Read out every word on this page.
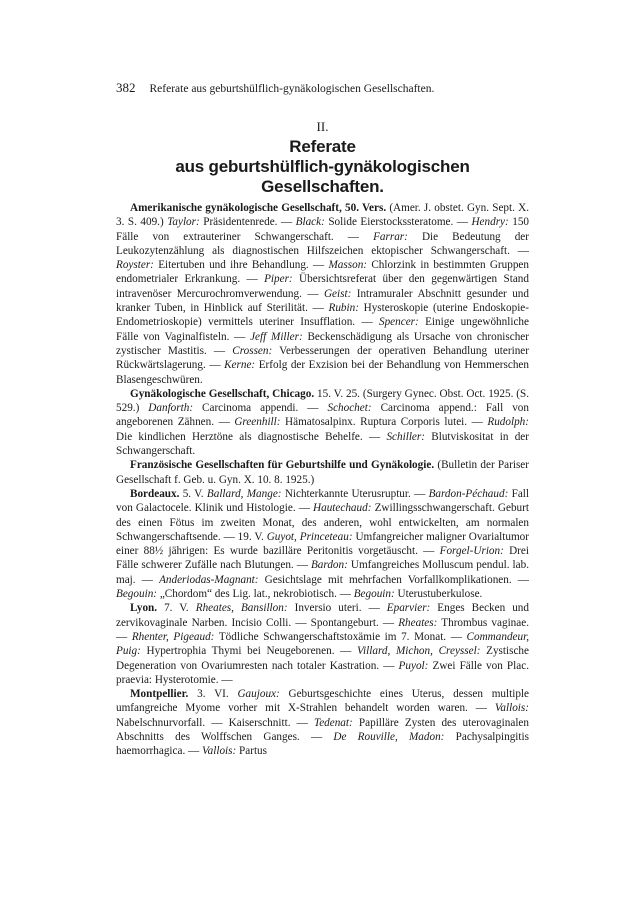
382 Referate aus geburtshülflich-gynäkologischen Gesellschaften.
II.
Referate
aus geburtshülflich-gynäkologischen Gesellschaften.

Amerikanische gynäkologische Gesellschaft, 50. Vers. (Amer. J. obstet. Gyn. Sept. X. 3. S. 409.) Taylor: Präsidentenrede. — Black: Solide Eierstockssteratome. — Hendry: 150 Fälle von extrauteriner Schwangerschaft. — Farrar: Die Bedeutung der Leukozytenzählung als diagnostischen Hilfszeichen ektopischer Schwangerschaft. — Royster: Eitertuben und ihre Behandlung. — Masson: Chlorzink in bestimmten Gruppen endometrialer Erkrankung. — Piper: Übersichtsreferat über den gegenwärtigen Stand intravenöser Mercurochromverwendung. — Geist: Intramuraler Abschnitt gesunder und kranker Tuben, in Hinblick auf Sterilität. — Rubin: Hysteroskopie (uterine Endoskopie-Endometrioskopie) vermittels uteriner Insufflation. — Spencer: Einige ungewöhnliche Fälle von Vaginalfisteln. — Jeff Miller: Beckenschädigung als Ursache von chronischer zystischer Mastitis. — Crossen: Verbesserungen der operativen Behandlung uteriner Rückwärtslagerung. — Kerne: Erfolg der Exzision bei der Behandlung von Hemmerschen Blasengeschwüren.

Gynäkologische Gesellschaft, Chicago. 15. V. 25. (Surgery Gynec. Obst. Oct. 1925. (S. 529.) Danforth: Carcinoma appendi. — Schochet: Carcinoma append.: Fall von angeborenen Zähnen. — Greenhill: Hämatosalpinx. Ruptura Corporis lutei. — Rudolph: Die kindlichen Herztöne als diagnostische Behelfe. — Schiller: Blutviskositat in der Schwangerschaft.

Französische Gesellschaften für Geburtshilfe und Gynäkologie. (Bulletin der Pariser Gesellschaft f. Geb. u. Gyn. X. 10. 8. 1925.)

Bordeaux. 5. V. Ballard, Mange: Nichterkannte Uterusruptur. — Bardon-Péchaud: Fall von Galactocele. Klinik und Histologie. — Hautechaud: Zwillingsschwangerschaft. Geburt des einen Fötus im zweiten Monat, des anderen, wohl entwickelten, am normalen Schwangerschaftsende. — 19. V. Guyot, Princeteau: Umfangreicher maligner Ovarialtumor einer 88½ jährigen: Es wurde bazilläre Peritonitis vorgetäuscht. — Forgel-Urion: Drei Fälle schwerer Zufälle nach Blutungen. — Bardon: Umfangreiches Molluscum pendul. lab. maj. — Anderiodas-Magnant: Gesichtslage mit mehrfachen Vorfallkomplikationen. — Begouin: „Chordom“ des Lig. lat., nekrobiotisch. — Begouin: Uterustuberkulose.

Lyon. 7. V. Rheates, Bansillon: Inversio uteri. — Eparvier: Enges Becken und zervikovaginale Narben. Incisio Colli. — Spontangeburt. — Rheates: Thrombus vaginae. — Rhenter, Pigeaud: Tödliche Schwangerschaftstoxämie im 7. Monat. — Commandeur, Puig: Hypertrophia Thymi bei Neugeborenen. — Villard, Michon, Creyssel: Zystische Degeneration von Ovariumresten nach totaler Kastration. — Puyol: Zwei Fälle von Plac. praevia: Hysterotomie. —

Montpellier. 3. VI. Gaujoux: Geburtsgeschichte eines Uterus, dessen multiple umfangreiche Myome vorher mit X-Strahlen behandelt worden waren. — Vallois: Nabelschnurvorfall. — Kaiserschnitt. — Tedenat: Papilläre Zysten des uterovaginalen Abschnitts des Wolffschen Ganges. — De Rouville, Madon: Pachysalpingitis haemorrhagica. — Vallois: Partus
